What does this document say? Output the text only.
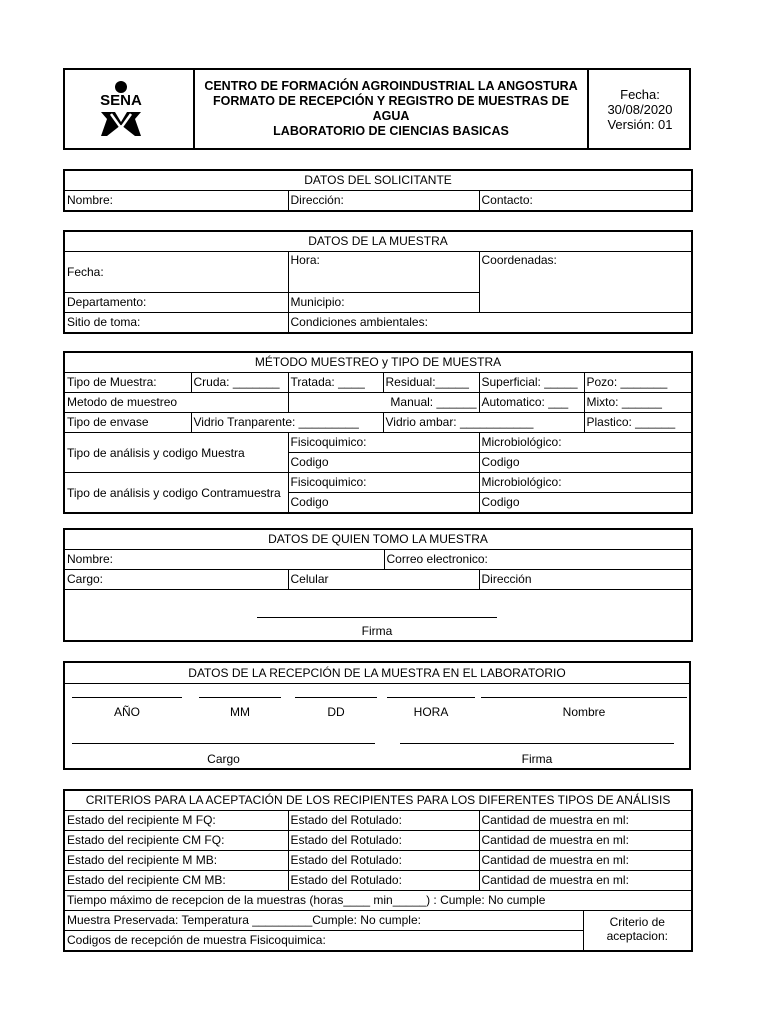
SENA
CENTRO DE FORMACIÓN AGROINDUSTRIAL LA ANGOSTURA
FORMATO DE RECEPCIÓN Y REGISTRO DE MUESTRAS DE AGUA
LABORATORIO DE CIENCIAS BASICAS
Fecha:
30/08/2020
Versión: 01
DATOS DEL SOLICITANTE
Nombre:	Dirección:	Contacto:
DATOS DE LA MUESTRA		
Fecha:	Hora:	Coordenadas:
Departamento:	Municipio:	
Sitio de toma:	Condiciones ambientales:	
MÉTODO MUESTREO y TIPO DE MUESTRA					
Tipo de Muestra:	Cruda: _______	Tratada: ____	Residual:_____	Superficial: _____	Pozo: _______
Metodo de muestreo		Manual: ______		Automatico: ___	Mixto: ______
Tipo de envase	Vidrio Tranparente: _________		Vidrio ambar: ___________		Plastico: ______
Tipo de análisis y codigo Muestra		Fisicoquimico:		Microbiológico:	
		Codigo		Codigo	
Tipo de análisis y codigo Contramuestra		Fisicoquimico:		Microbiológico:	
		Codigo		Codigo	
DATOS DE QUIEN TOMO LA MUESTRA			
Nombre:		Correo electronico:	
Cargo:	Celular		Dirección

Firma
DATOS DE LA RECEPCIÓN DE LA MUESTRA EN EL LABORATORIO
AÑO	MM	DD	HORA	Nombre
Cargo	Firma
CRITERIOS PARA LA ACEPTACIÓN DE LOS RECIPIENTES PARA LOS DIFERENTES TIPOS DE ANÁLISIS			
Estado del recipiente M FQ:	Estado del Rotulado:	Cantidad de muestra en ml:	
Estado del recipiente CM FQ:	Estado del Rotulado:	Cantidad de muestra en ml:	
Estado del recipiente M MB:	Estado del Rotulado:	Cantidad de muestra en ml:	
Estado del recipiente CM MB:	Estado del Rotulado:	Cantidad de muestra en ml:	
Tiempo máximo de recepcion de la muestras (horas____ min_____) : Cumple: No cumple			
Muestra Preservada: Temperatura _________Cumple: No cumple:			Criterio de aceptacion:
Codigos de recepción de muestra Fisicoquimica:			
